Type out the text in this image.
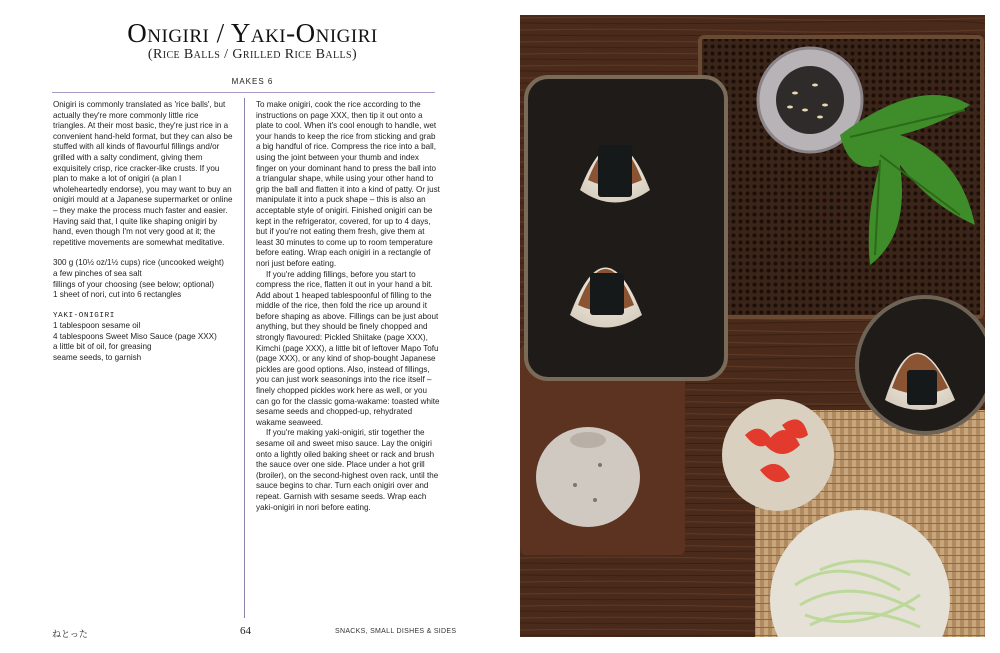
Onigiri / Yaki-Onigiri
(Rice Balls / Grilled Rice Balls)
MAKES 6

Onigiri is commonly translated as 'rice balls', but actually they're more commonly little rice triangles. At their most basic, they're just rice in a convenient hand-held format, but they can also be stuffed with all kinds of flavourful fillings and/or grilled with a salty condiment, giving them exquisitely crisp, rice cracker-like crusts. If you plan to make a lot of onigiri (a plan I wholeheartedly endorse), you may want to buy an onigiri mould at a Japanese supermarket or online – they make the process much faster and easier. Having said that, I quite like shaping onigiri by hand, even though I'm not very good at it; the repetitive movements are somewhat meditative.

300 g (10½ oz/1½ cups) rice (uncooked weight)
a few pinches of sea salt
fillings of your choosing (see below; optional)
1 sheet of nori, cut into 6 rectangles
YAKI-ONIGIRI
1 tablespoon sesame oil
4 tablespoons Sweet Miso Sauce (page XXX)
a little bit of oil, for greasing
seame seeds, to garnish

To make onigiri, cook the rice according to the instructions on page XXX, then tip it out onto a plate to cool. When it's cool enough to handle, wet your hands to keep the rice from sticking and grab a big handful of rice. Compress the rice into a ball, using the joint between your thumb and index finger on your dominant hand to press the ball into a triangular shape, while using your other hand to grip the ball and flatten it into a kind of patty. Or just manipulate it into a puck shape – this is also an acceptable style of onigiri. Finished onigiri can be kept in the refrigerator, covered, for up to 4 days, but if you're not eating them fresh, give them at least 30 minutes to come up to room temperature before eating. Wrap each onigiri in a rectangle of nori just before eating.

If you're adding fillings, before you start to compress the rice, flatten it out in your hand a bit. Add about 1 heaped tablespoonful of filling to the middle of the rice, then fold the rice up around it before shaping as above. Fillings can be just about anything, but they should be finely chopped and strongly flavoured: Pickled Shiitake (page XXX), Kimchi (page XXX), a little bit of leftover Mapo Tofu (page XXX), or any kind of shop-bought Japanese pickles are good options. Also, instead of fillings, you can just work seasonings into the rice itself – finely chopped pickles work here as well, or you can go for the classic goma-wakame: toasted white sesame seeds and chopped-up, rehydrated wakame seaweed.

If you're making yaki-onigiri, stir together the sesame oil and sweet miso sauce. Lay the onigiri onto a lightly oiled baking sheet or rack and brush the sauce over one side. Place under a hot grill (broiler), on the second-highest oven rack, until the sauce begins to char. Turn each onigiri over and repeat. Garnish with sesame seeds. Wrap each yaki-onigiri in nori before eating.

ねとった	64	SNACKS, SMALL DISHES & SIDES
